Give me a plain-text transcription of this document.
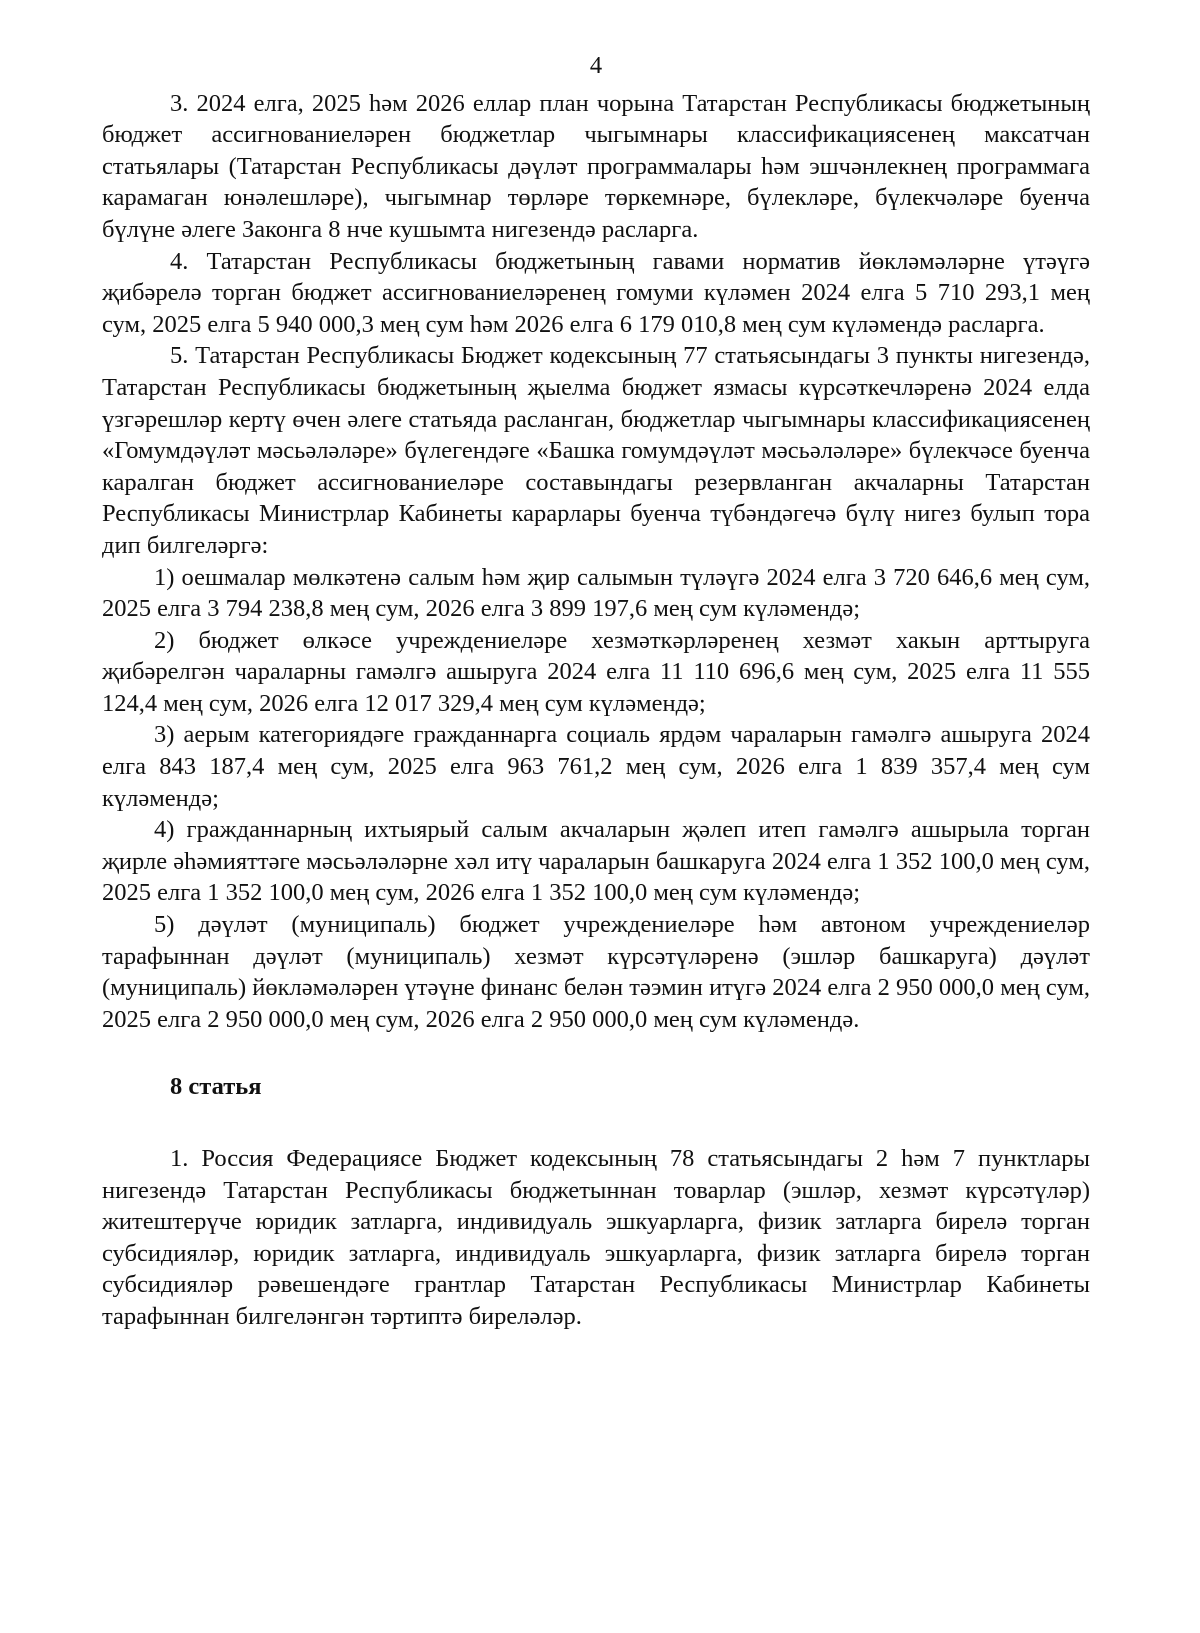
4

3. 2024 елга, 2025 һәм 2026 еллар план чорына Татарстан Республикасы бюджетының бюджет ассигнованиеләрен бюджетлар чыгымнары классификациясенең максатчан статьялары (Татарстан Республикасы дәүләт программалары һәм эшчәнлекнең программага карамаган юнәлешләре), чыгымнар төрләре төркемнәре, бүлекләре, бүлекчәләре буенча бүлүне әлеге Законга 8 нче кушымта нигезендә расларга.

4. Татарстан Республикасы бюджетының гавами норматив йөкләмәләрне үтәүгә җибәрелә торган бюджет ассигнованиеләренең гомуми күләмен 2024 елга 5 710 293,1 мең сум, 2025 елга 5 940 000,3 мең сум һәм 2026 елга 6 179 010,8 мең сум күләмендә расларга.

5. Татарстан Республикасы Бюджет кодексының 77 статьясындагы 3 пункты нигезендә, Татарстан Республикасы бюджетының җыелма бюджет язмасы күрсәткечләренә 2024 елда үзгәрешләр кертү өчен әлеге статьяда расланган, бюджетлар чыгымнары классификациясенең «Гомумдәүләт мәсьәләләре» бүлегендәге «Башка гомумдәүләт мәсьәләләре» бүлекчәсе буенча каралган бюджет ассигнованиеләре составындагы резервланган акчаларны Татарстан Республикасы Министрлар Кабинеты карарлары буенча түбәндәгечә бүлү нигез булып тора дип билгеләргә:

1) оешмалар мөлкәтенә салым һәм җир салымын түләүгә 2024 елга 3 720 646,6 мең сум, 2025 елга 3 794 238,8 мең сум, 2026 елга 3 899 197,6 мең сум күләмендә;

2) бюджет өлкәсе учреждениеләре хезмәткәрләренең хезмәт хакын арттыруга җибәрелгән чараларны гамәлгә ашыруга 2024 елга 11 110 696,6 мең сум, 2025 елга 11 555 124,4 мең сум, 2026 елга 12 017 329,4 мең сум күләмендә;

3) аерым категориядәге гражданнарга социаль ярдәм чараларын гамәлгә ашыруга 2024 елга 843 187,4 мең сум, 2025 елга 963 761,2 мең сум, 2026 елга 1 839 357,4 мең сум күләмендә;

4) гражданнарның ихтыярый салым акчаларын җәлеп итеп гамәлгә ашырыла торган җирле әһәмияттәге мәсьәләләрне хәл итү чараларын башкаруга 2024 елга 1 352 100,0 мең сум, 2025 елга 1 352 100,0 мең сум, 2026 елга 1 352 100,0 мең сум күләмендә;

5) дәүләт (муниципаль) бюджет учреждениеләре һәм автоном учреждениеләр тарафыннан дәүләт (муниципаль) хезмәт күрсәтүләренә (эшләр башкаруга) дәүләт (муниципаль) йөкләмәләрен үтәүне финанс белән тәэмин итүгә 2024 елга 2 950 000,0 мең сум, 2025 елга 2 950 000,0 мең сум, 2026 елга 2 950 000,0 мең сум күләмендә.

8 статья

1. Россия Федерациясе Бюджет кодексының 78 статьясындагы 2 һәм 7 пунктлары нигезендә Татарстан Республикасы бюджетыннан товарлар (эшләр, хезмәт күрсәтүләр) житештерүче юридик затларга, индивидуаль эшкуарларга, физик затларга бирелә торган субсидияләр, юридик затларга, индивидуаль эшкуарларга, физик затларга бирелә торган субсидияләр рәвешендәге грантлар Татарстан Республикасы Министрлар Кабинеты тарафыннан билгеләнгән тәртиптә биреләләр.
